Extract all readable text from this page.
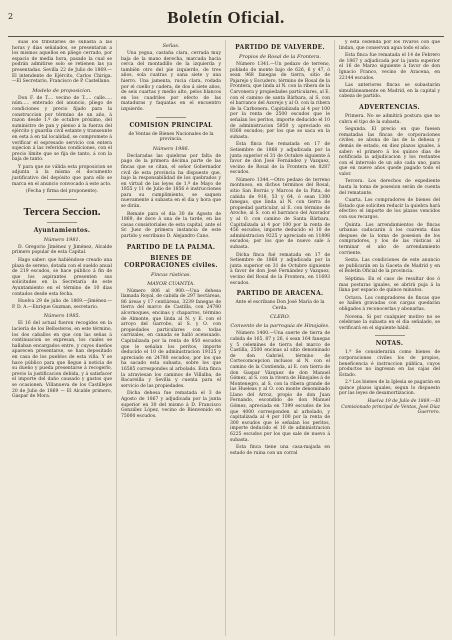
2	Boletín Oficial.

suas los tributaries de subasta a las horas y dias señalados, se presentaran a los mismos aquellos en pliego cerrado, por espacio de media hora, pasado la cual se podrán admitirse solo se retienen las ya presentadas. Sevilla 22 de Julio de 1869.— El intendente de Ejército, Carlos Chiriga. —El Secretario, Francisco de P. Castellano.

Modelo de proposicion.

Don F. de T.... vecino de T..... calle..... núm..... enterado del anuncio, pliego de condiciones y precio fijado para la construccion por término de un año, á razon desde 1.º de octubre próximo, del suministro de pan y pienso á la fuerza del ejército y guardia civil estante y transeunte en esta á en tal localidad, se compromete á verificar el espresado servicio con entera sujecion á las referidas condiciones, con el precio límite que se fija de tanto, á con la baja de tanto.

Y para que no válida esta proposicion se adjunta á la misma el documento justificativo del depósito que para ello se marca en el anuncio convocado á este acto.

(Fecha y firma del proponente).

Tercera Seccion.
Ayuntamientos.
Número 1981.

D. Gregorio Jiménez y Jiménez, Alcalde primero popular de esta Capital.

Hago saber: que habiéndose creado una plaza de sereno, dotada con el sueldo anual de 219 escudos, se hace público á fin de que los aspirantes presenten sus solicitudes en la Secretaría de este Ayuntamiento en el término de 10 dias contados desde esta fecha.

Huelva 29 de julio de 1869.—Jiménez.—P. D. A.—Enrique Guzman, secretario.

Número 1985.

El 16 del actual fueron recogidos en la laciería de los Bellosteros, en este término, los dos caballos en que con las señas á continuacion se expresan, los cuales se hallaban encargados entre, y cuyos dueños aparecen presentarse, se han depositado en casa de los pueblos de esta villa. Y se hace público para que llegue á noticia de su dueño y pueda presentarse á recogerlo, previo la justificacion debida, y á satisfacer el importe del daño causado y gastos que se ocasionen. Villanueva de los Castillejos 20 de Julio de 1869 — El Alcalde primero, Gaspar de Mora.

Señas.

Una yegua, castaña clara, cerrada muy baja de la mano derecha, marcada hacia cerca del montadillo de la izquierda y también otro del pie izquierdo, de tres años, sola cuatras y sana siete y una hierro. Una jamenta, rucia clara, rodada por el cuello y cadera, de dos á siete años, de seis cuartas y medio alto, pelos blancos en los cuadriles por efecto de las mataduras y faquatas en el encuentro izquierdo.

COMISION PRINCIPAL

de Ventas de Bienes Nacionales de la provincia.

Número 1986.

Declaradas las quiebras por falta de pago de la primera décima parte de las fincas que se citan, el señor Gobernador civil de esta provincia ha dispuesto que, bajo la responsabilidad de los quebrados y en virtud de las leyes de 1.º de Mayo de 1855 y 11 de Julio de 1856 é instrucciones para su cumplimiento, se saquen nuevamente á subasta en el dia y hora que se dirán.

Remate para el dia 30 de Agosto de 1869, de doce á una de la tarde, en las casas consistoriales de esta capital, ante el Sr. Juez de primera instancia de este partido y escribano D. Alejandro Cano.

PARTIDO DE LA PALMA.
BIENES DE CORPORACIONES civiles.
Fincas rústicas.
MAYOR CUANTÍA.

Número 806 al 900.—Una dehesa llamada Royal, de cabida de 297 hectáreas, 86 áreas y 17 centiáreas, 3239 fanegas de tierra del marco de Castilla, con 24780 alcornoques, encinas y chaparros, término de Almonte, que linda al N. y E. con el arroyo del Garrobo, al S. y O. con propiedades particulares con todas carrizales, en canada se halló acensuado. Capitalizada por la renta de 850 escudos que le señalan los peritos, importe deducido el 10 de administracion 19125 y apreciado en 24780 escudos; por los que ha sacado esta subasta, sobre los que 16585 correspondes al arbolado. Esta finca la atraviesan los caminos de Villalba, de Bacareilla y Sevilla y cuenta para el servicio de las propiedades.

Dicha dehesa fue rematada el 3 de Agosto de 1867 y adjudicada por la junta superior en 30 del mismo á D. Francisco González López, vecino de Bienvenido en 75000 escudos.

PARTIDO DE VALVERDE.
Propios de Rosal de la Frontera.

Número 1341.—Un pedazo de terreno, poblado de monte bajo de 626, 6 y 47, ó sean 968 fanegas de tierra, sitio de Pajarejo y Escudero, término de Rosal de la Frontera, que linda al N. con la ribera de la Carvonera y propiedades particulares, al E. con el camino de santa Bárbara, al S. con el barranco del Azorejo y al O. con la ribera de la Carbonera. Capitalizada al 4 por 100 por la renta de 2500 escudos que le señalan los peritos, importe deducido el 10 de administracion 5850 y apreciado en 8368 escudos; por los que se saca en la subasta.

Esta finca fue rematada en 17 de Setiembre de 1868 y adjudicada por la junta superior el 31 de Octubre siguiente á favor de don José Fernández y Vazquez, vecino de Rosal de la Frontera en 8287 escudos.

Número 1344.—Otro pedazo de terreno montuoso, en dichos términos del Rosal, sitio San Borrás y Marcos de la Pata, de cabida de 918, 53 y 64, ó sean 1380 fanegas, que linda al N. con tierra de propiedad particular, al E. con término de Aroche, al S. con el barranco del Azorador y al O. con camino de Santa Bárbara. Capitalizada al 4 por 100 por la renta de 456 escudos, importe deducido el 10 de administracion 9225 y apreciado en 11898 escudos; por los que de nuevo sale á subasta.

Dicha finca fué rematada en 17 de Setiembre de 1868 y adjudicada por la junta superior en 31 de Octubre siguiente á favor de don José Fernández y Vazquez, vecino del Rosal de la Frontera, en 11693 escudos.

PARTIDO DE ARACENA.

Ante el escribano Don José María de la Cerda.

CLERO.
Convento de la parroquia de Hinojales.

Número 1400.—Una suerte de tierra de cabida de 165, 87 y 26, ó sean 164 fanegas y 5 celemines de tierra del marco de Castilla, 2500 encinas al sitio denominado de don Gabriel, término de Cortecomcepcion inclusos al N. con el camino de la Contienda, al E. con tierra de don Gaspar Vázquez de don Manuel Gómez, al S. con la rivera de Hinojales á de Montenegro, al S. con la ribera grande de las Hueleas y al O. con monte denominado Llano del Arroz, propio de don Juan Fernando, escondido de don Manuel Gómez, apreciada en 7399 escudos de los que 4000 corresponden al arbolado, y capitalizada al 4 por 100 por la renta de 300 escudos que le señalan los peritos, importe deducido el 10 de administracion 6225 escudos por los que sale de nuevo á subasta.

Esta finca tiene una casa-majada en estado de ruina con un corral

y está cedenda por los rivaros con que lindan, que conservan agua todo el año.

Esta finca fue rematada el 14 de Febrero de 1867 y adjudicada por la junta superior el 16 de Marzo siguiente á favor de don Ignacio Franco, vecino de Aracena, en 22144 escudos.

Las anteriores fincas se subastarán simultáneamente en Madrid, en la capital y cabeza de partido.

ADVERTENCIAS.

Primera. No se admitirá postura que no cubra el tipo de la subasta.

Segunda. El precio en que fuesen rematadas las fincas de corporaciones civiles, se abona de las de la dehesa y demás de estado, en diez plazos iguales, á saber: el primero á los quince dias de notificada la adjudicacion y los restantes con el intervalo de un año cada uno, para que en nueve años quede pagado todo el valor.

Tercera. Los derechos de expediente hasta la toma de posesion serán de cuenta del rematante.

Cuarta. Los compradores de bienes del Estado que soliciten reducir la quiebra hará efectivo el importe de los plazos vencidos con sus recargos.

Quinta. Los arrendamientos de fincas urbanas caducarán á los cuarenta dias despues de la toma de posesion de los compradores, y los de las rústicas al terminar el año de arrendamiento corriente.

Sexta. Las condiciones de este anuncio se publicarán en la Gaceta de Madrid y en el Boletín Oficial de la provincia.

Séptima. En el caso de resultar dos ó mas posturas iguales, se abrirá puja á la llana por espacio de quince minutos.

Octava. Los compradores de fincas que se hallen gravadas con cargas quedarán obligados á reconocerlas y abonarlas.

Novena. Si por cualquier motivo no se celebrase la subasta en el dia señalado, se verificará en el siguiente hábil.

NOTAS.

1.ª Se considerarán como bienes de corporaciones civiles los de propios, beneficencia é instruccion pública, cuyos productos no ingresan en las cajas del Estado.

2.ª Los bienes de la Iglesia se pagarán en quince plazos iguales, segun lo dispuesto por las leyes de desamortizacion.

Huelva 19 de Julio de 1869.—El Comisionado principal de Ventas, José Díaz Guerrero.
